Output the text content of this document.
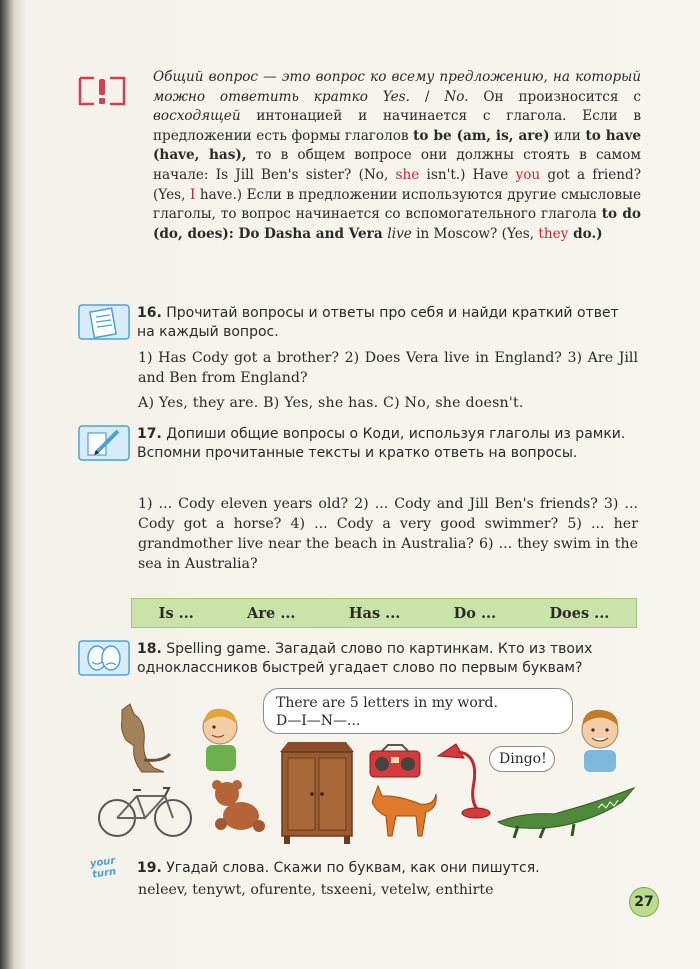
Общий вопрос — это вопрос ко всему предложению, на который можно ответить кратко Yes. / No. Он произносится с восходящей интонацией и начинается с глагола. Если в предложении есть формы глаголов to be (am, is, are) или to have (have, has), то в общем вопросе они должны стоять в самом начале: Is Jill Ben's sister? (No, she isn't.) Have you got a friend? (Yes, I have.) Если в предложении используются другие смысловые глаголы, то вопрос начинается со вспомогательного глагола to do (do, does): Do Dasha and Vera live in Moscow? (Yes, they do.)

16. Прочитай вопросы и ответы про себя и найди краткий ответ на каждый вопрос.
1) Has Cody got a brother? 2) Does Vera live in England? 3) Are Jill and Ben from England?
A) Yes, they are. B) Yes, she has. C) No, she doesn't.
17. Допиши общие вопросы о Коди, используя глаголы из рамки. Вспомни прочитанные тексты и кратко ответь на вопросы.
1) ... Cody eleven years old? 2) ... Cody and Jill Ben's friends? 3) ... Cody got a horse? 4) ... Cody a very good swimmer? 5) ... her grandmother live near the beach in Australia? 6) ... they swim in the sea in Australia?
Is ...	Are ...	Has ...	Do ...	Does ...
18. Spelling game. Загадай слово по картинкам. Кто из твоих одноклассников быстрей угадает слово по первым буквам?
There are 5 letters in my word.
D—I—N—...
Dingo!
your turn	19. Угадай слова. Скажи по буквам, как они пишутся.
neleev, tenywt, ofurente, tsxeeni, vetelw, enthirte
27
